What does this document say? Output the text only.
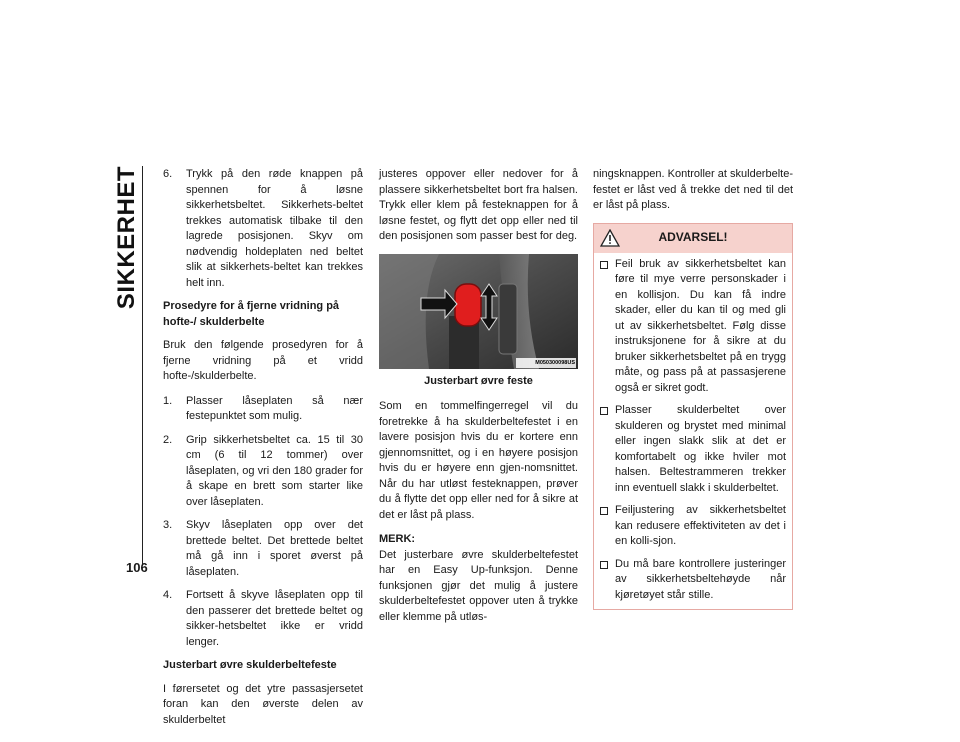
SIKKERHET
106
6. Trykk på den røde knappen på spennen for å løsne sikkerhetsbeltet. Sikkerhets-beltet trekkes automatisk tilbake til den lagrede posisjonen. Skyv om nødvendig holdeplaten ned beltet slik at sikkerhets-beltet kan trekkes helt inn.

Prosedyre for å fjerne vridning på hofte-/ skulderbelte

Bruk den følgende prosedyren for å fjerne vridning på et vridd hofte-/skulderbelte.

1. Plasser låseplaten så nær festepunktet som mulig.
2. Grip sikkerhetsbeltet ca. 15 til 30 cm (6 til 12 tommer) over låseplaten, og vri den 180 grader for å skape en brett som starter like over låseplaten.
3. Skyv låseplaten opp over det brettede beltet. Det brettede beltet må gå inn i sporet øverst på låseplaten.
4. Fortsett å skyve låseplaten opp til den passerer det brettede beltet og sikker-hetsbeltet ikke er vridd lenger.

Justerbart øvre skulderbeltefeste

I førersetet og det ytre passasjersetet foran kan den øverste delen av skulderbeltet

justeres oppover eller nedover for å plassere sikkerhetsbeltet bort fra halsen. Trykk eller klem på festeknappen for å løsne festet, og flytt det opp eller ned til den posisjonen som passer best for deg.

M050300098US

Justerbart øvre feste

Som en tommelfingerregel vil du foretrekke å ha skulderbeltefestet i en lavere posisjon hvis du er kortere enn gjennomsnittet, og i en høyere posisjon hvis du er høyere enn gjen-nomsnittet. Når du har utløst festeknappen, prøver du å flytte det opp eller ned for å sikre at det er låst på plass.

MERK:

Det justerbare øvre skulderbeltefestet har en Easy Up-funksjon. Denne funksjonen gjør det mulig å justere skulderbeltefestet oppover uten å trykke eller klemme på utløs-

ningsknappen. Kontroller at skulderbelte-festet er låst ved å trekke det ned til det er låst på plass.

ADVARSEL!
Feil bruk av sikkerhetsbeltet kan føre til mye verre personskader i en kollisjon. Du kan få indre skader, eller du kan til og med gli ut av sikkerhetsbeltet. Følg disse instruksjonene for å sikre at du bruker sikkerhetsbeltet på en trygg måte, og pass på at passasjerene også er sikret godt.
Plasser skulderbeltet over skulderen og brystet med minimal eller ingen slakk slik at det er komfortabelt og ikke hviler mot halsen. Beltestrammeren trekker inn eventuell slakk i skulderbeltet.
Feiljustering av sikkerhetsbeltet kan redusere effektiviteten av det i en kolli-sjon.
Du må bare kontrollere justeringer av sikkerhetsbeltehøyde når kjøretøyet står stille.
